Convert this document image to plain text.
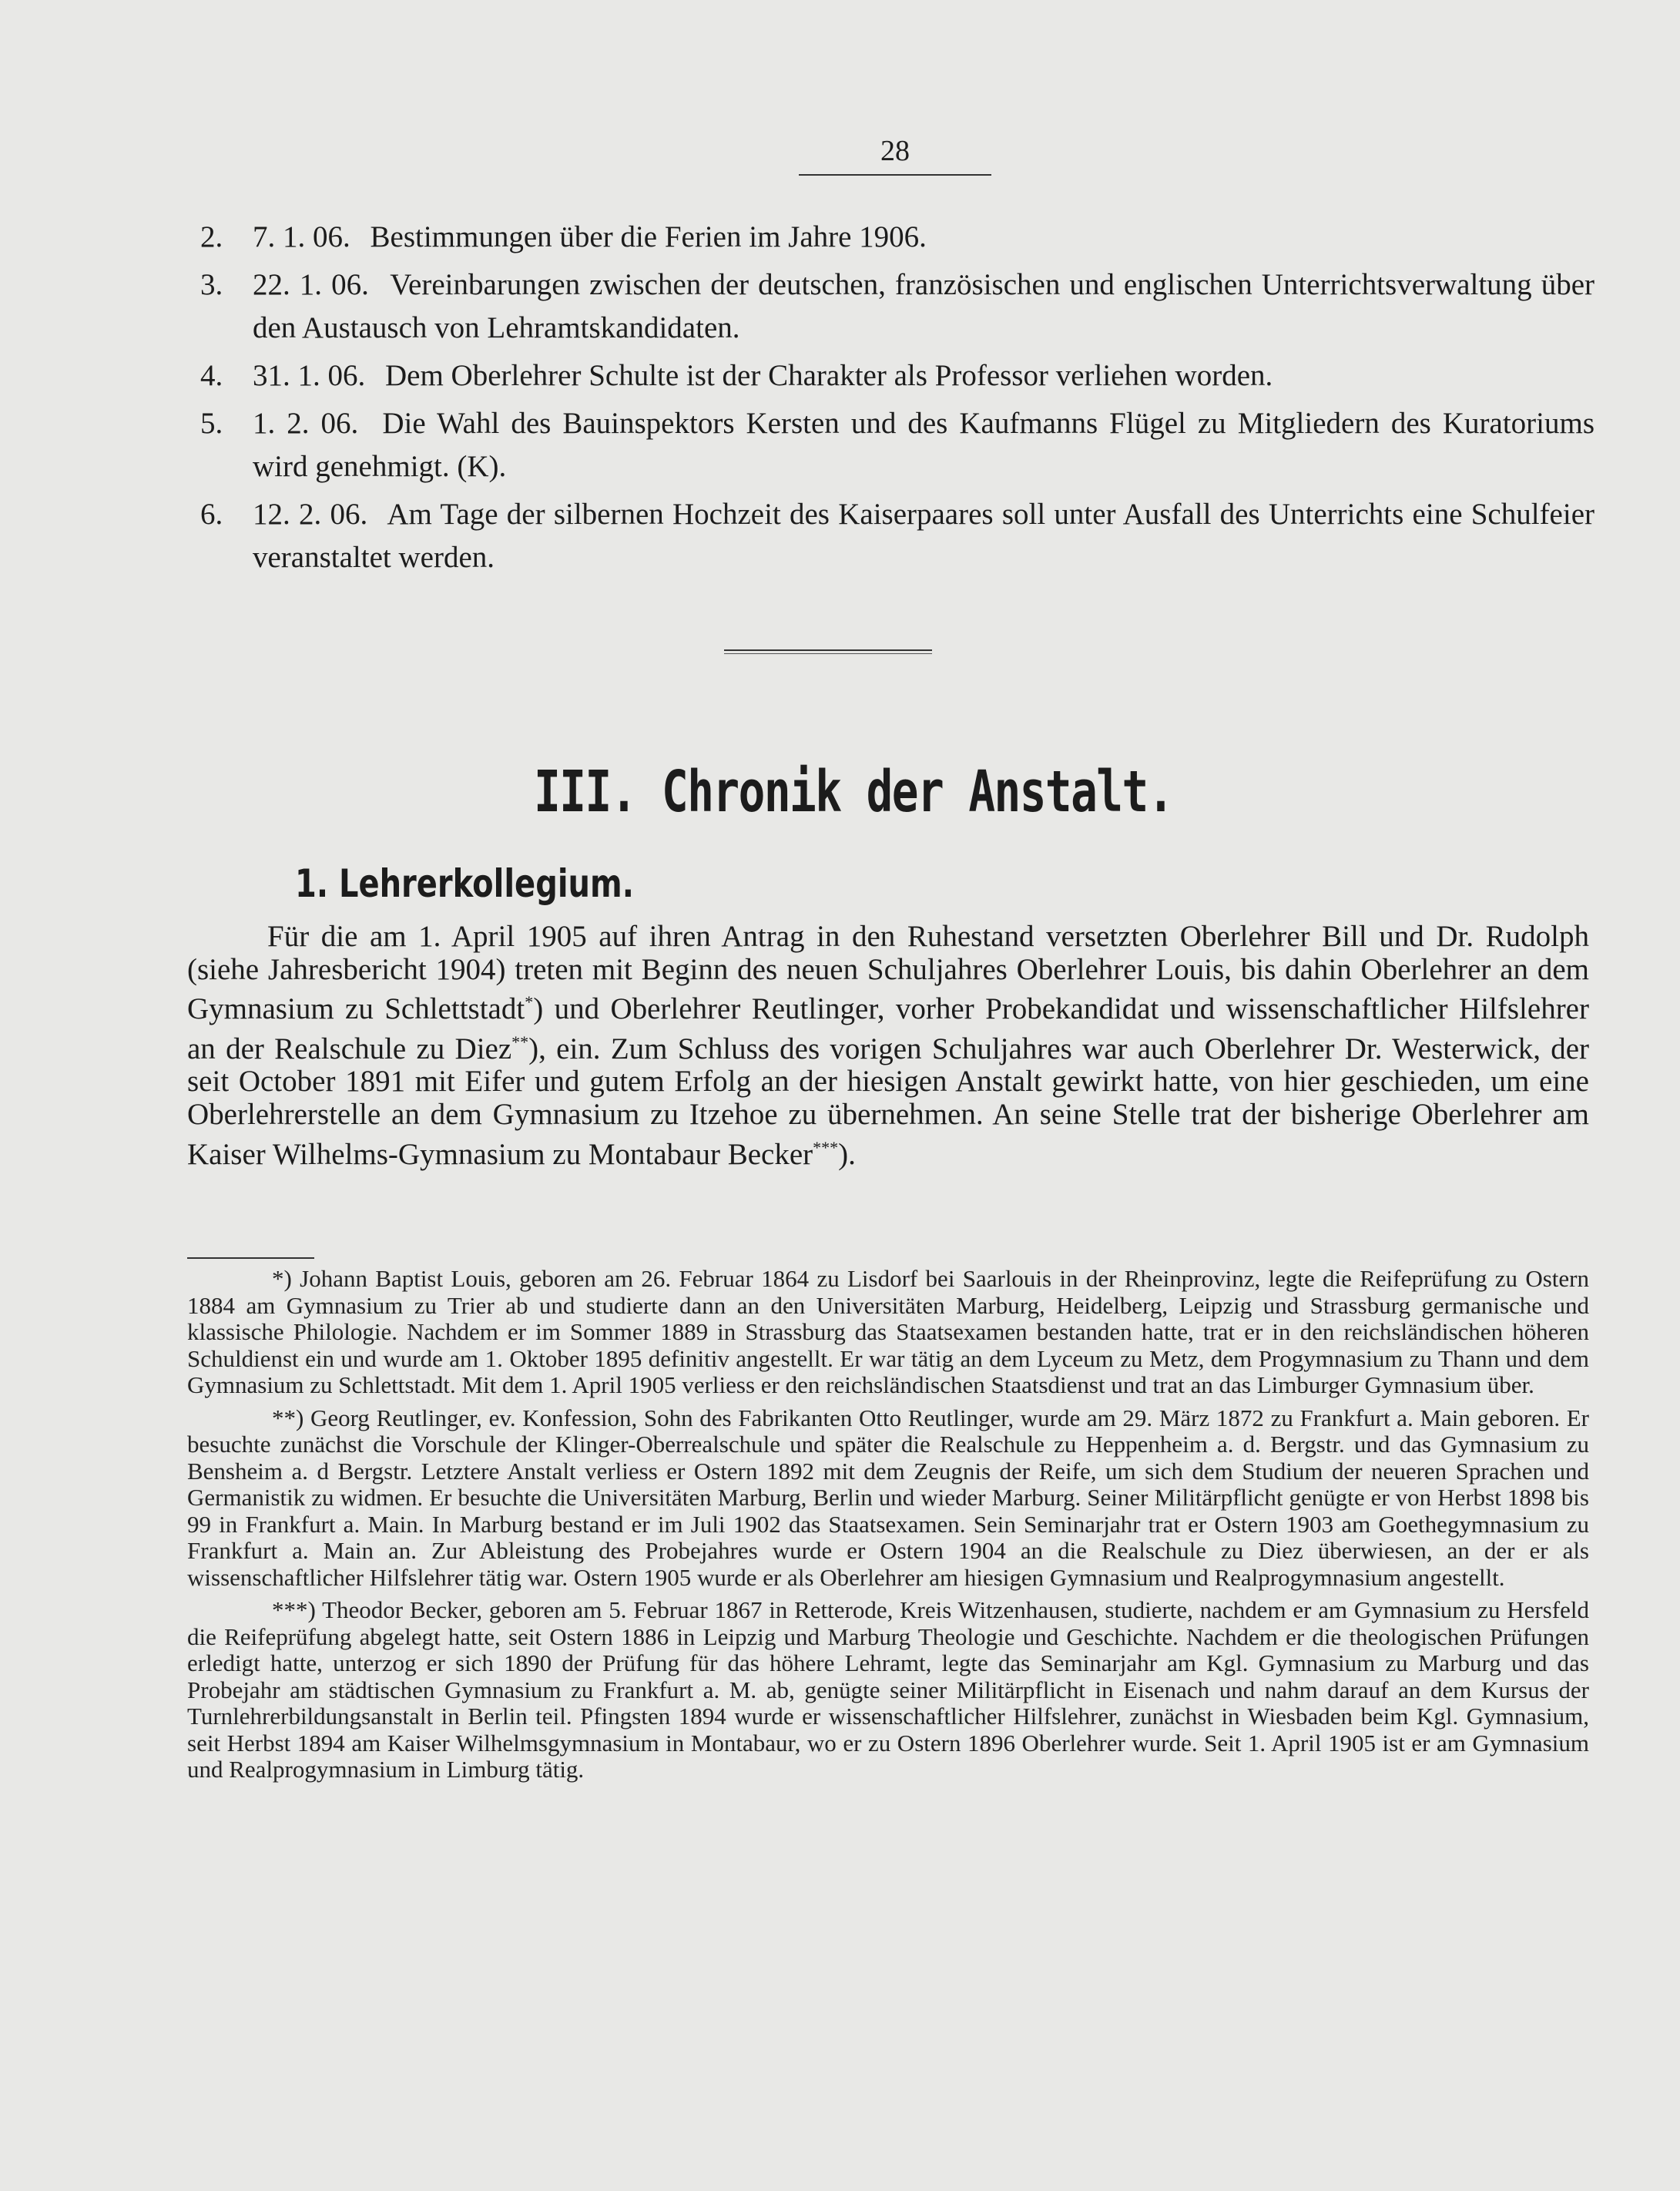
28
2. 7. 1. 06. Bestimmungen über die Ferien im Jahre 1906.
3. 22. 1. 06. Vereinbarungen zwischen der deutschen, französischen und englischen Unterrichtsverwaltung über den Austausch von Lehramtskandidaten.
4. 31. 1. 06. Dem Oberlehrer Schulte ist der Charakter als Professor verliehen worden.
5. 1. 2. 06. Die Wahl des Bauinspektors Kersten und des Kaufmanns Flügel zu Mitgliedern des Kuratoriums wird genehmigt. (K).
6. 12. 2. 06. Am Tage der silbernen Hochzeit des Kaiserpaares soll unter Ausfall des Unterrichts eine Schulfeier veranstaltet werden.
III. Chronik der Anstalt.
1. Lehrerkollegium.
Für die am 1. April 1905 auf ihren Antrag in den Ruhestand versetzten Oberlehrer Bill und Dr. Rudolph (siehe Jahresbericht 1904) treten mit Beginn des neuen Schuljahres Oberlehrer Louis, bis dahin Oberlehrer an dem Gymnasium zu Schlettstadt*) und Oberlehrer Reutlinger, vorher Probekandidat und wissenschaftlicher Hilfslehrer an der Realschule zu Diez**), ein. Zum Schluss des vorigen Schuljahres war auch Oberlehrer Dr. Westerwick, der seit October 1891 mit Eifer und gutem Erfolg an der hiesigen Anstalt gewirkt hatte, von hier geschieden, um eine Oberlehrerstelle an dem Gymnasium zu Itzehoe zu übernehmen. An seine Stelle trat der bisherige Oberlehrer am Kaiser Wilhelms-Gymnasium zu Montabaur Becker***).
*) Johann Baptist Louis, geboren am 26. Februar 1864 zu Lisdorf bei Saarlouis in der Rheinprovinz, legte die Reifeprüfung zu Ostern 1884 am Gymnasium zu Trier ab und studierte dann an den Universitäten Marburg, Heidelberg, Leipzig und Strassburg germanische und klassische Philologie. Nachdem er im Sommer 1889 in Strassburg das Staatsexamen bestanden hatte, trat er in den reichsländischen höheren Schuldienst ein und wurde am 1. Oktober 1895 definitiv angestellt. Er war tätig an dem Lyceum zu Metz, dem Progymnasium zu Thann und dem Gymnasium zu Schlettstadt. Mit dem 1. April 1905 verliess er den reichsländischen Staatsdienst und trat an das Limburger Gymnasium über.
**) Georg Reutlinger, ev. Konfession, Sohn des Fabrikanten Otto Reutlinger, wurde am 29. März 1872 zu Frankfurt a. Main geboren. Er besuchte zunächst die Vorschule der Klinger-Oberrealschule und später die Realschule zu Heppenheim a. d. Bergstr. und das Gymnasium zu Bensheim a. d Bergstr. Letztere Anstalt verliess er Ostern 1892 mit dem Zeugnis der Reife, um sich dem Studium der neueren Sprachen und Germanistik zu widmen. Er besuchte die Universitäten Marburg, Berlin und wieder Marburg. Seiner Militärpflicht genügte er von Herbst 1898 bis 99 in Frankfurt a. Main. In Marburg bestand er im Juli 1902 das Staatsexamen. Sein Seminarjahr trat er Ostern 1903 am Goethegymnasium zu Frankfurt a. Main an. Zur Ableistung des Probejahres wurde er Ostern 1904 an die Realschule zu Diez überwiesen, an der er als wissenschaftlicher Hilfslehrer tätig war. Ostern 1905 wurde er als Oberlehrer am hiesigen Gymnasium und Realprogymnasium angestellt.
***) Theodor Becker, geboren am 5. Februar 1867 in Retterode, Kreis Witzenhausen, studierte, nachdem er am Gymnasium zu Hersfeld die Reifeprüfung abgelegt hatte, seit Ostern 1886 in Leipzig und Marburg Theologie und Geschichte. Nachdem er die theologischen Prüfungen erledigt hatte, unterzog er sich 1890 der Prüfung für das höhere Lehramt, legte das Seminarjahr am Kgl. Gymnasium zu Marburg und das Probejahr am städtischen Gymnasium zu Frankfurt a. M. ab, genügte seiner Militärpflicht in Eisenach und nahm darauf an dem Kursus der Turnlehrerbildungsanstalt in Berlin teil. Pfingsten 1894 wurde er wissenschaftlicher Hilfslehrer, zunächst in Wiesbaden beim Kgl. Gymnasium, seit Herbst 1894 am Kaiser Wilhelmsgymnasium in Montabaur, wo er zu Ostern 1896 Oberlehrer wurde. Seit 1. April 1905 ist er am Gymnasium und Realprogymnasium in Limburg tätig.
